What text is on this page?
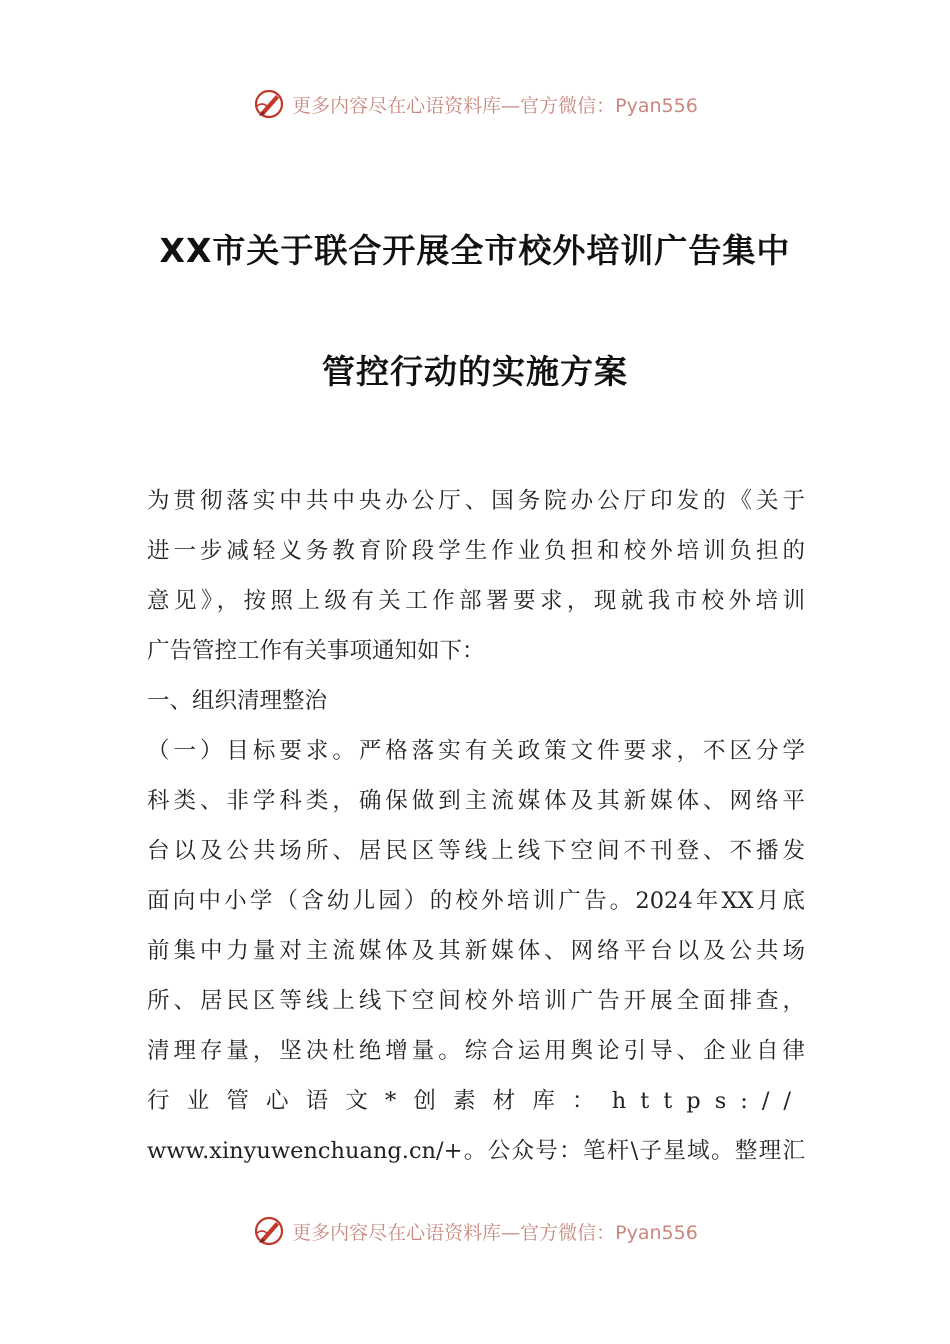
更多内容尽在心语资料库—官方微信：Pyan556
XX市关于联合开展全市校外培训广告集中
管控行动的实施方案
为贯彻落实中共中央办公厅、国务院办公厅印发的《关于
进一步减轻义务教育阶段学生作业负担和校外培训负担的
意见》，按照上级有关工作部署要求，现就我市校外培训
广告管控工作有关事项通知如下：
一、组织清理整治
（一）目标要求。严格落实有关政策文件要求，不区分学
科类、非学科类，确保做到主流媒体及其新媒体、网络平
台以及公共场所、居民区等线上线下空间不刊登、不播发
面向中小学（含幼儿园）的校外培训广告。2024年XX月底
前集中力量对主流媒体及其新媒体、网络平台以及公共场
所、居民区等线上线下空间校外培训广告开展全面排查，
清理存量，坚决杜绝增量。综合运用舆论引导、企业自律
行业管心语文*创素材库：https://
www.xinyuwenchuang.cn/+。公众号：笔杆\子星域。整理汇
更多内容尽在心语资料库—官方微信：Pyan556
